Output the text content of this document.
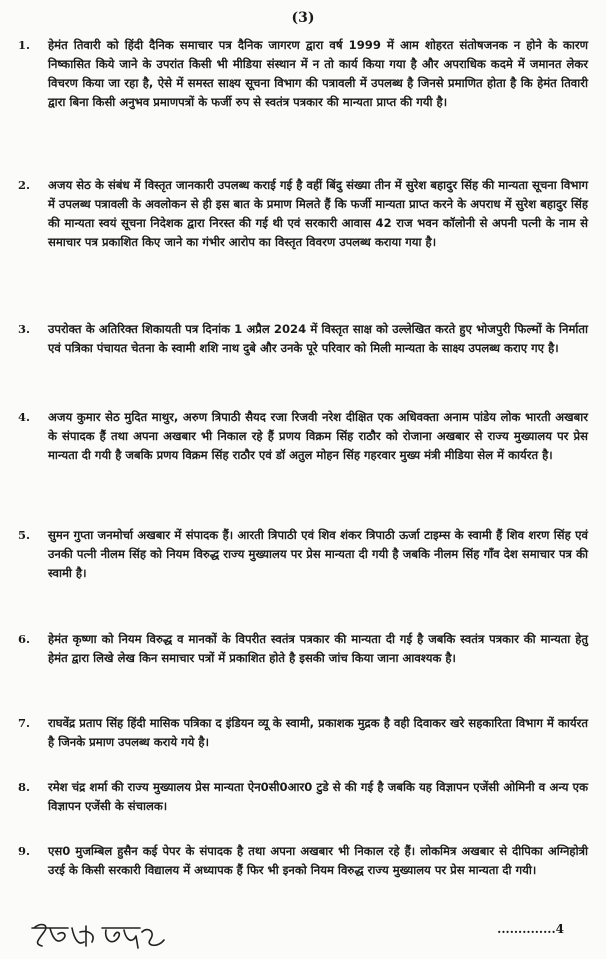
(3)
1.	हेमंत तिवारी को हिंदी दैनिक समाचार पत्र दैनिक जागरण द्वारा वर्ष 1999 में आम शोहरत संतोषजनक न होने के कारण निष्कासित किये जाने के उपरांत किसी भी मीडिया संस्थान में न तो कार्य किया गया है और अपराधिक कदमे में जमानत लेकर विचरण किया जा रहा है, ऐसे में समस्त साक्ष्य सूचना विभाग की पत्रावली में उपलब्ध है जिनसे प्रमाणित होता है कि हेमंत तिवारी द्वारा बिना किसी अनुभव प्रमाणपत्रों के फर्जी रुप से स्वतंत्र पत्रकार की मान्यता प्राप्त की गयी है।
2.	अजय सेठ के संबंध में विस्तृत जानकारी उपलब्ध कराई गई है वहीं बिंदु संख्या तीन में सुरेश बहादुर सिंह की मान्यता सूचना विभाग में उपलब्ध पत्रावली के अवलोकन से ही इस बात के प्रमाण मिलते हैं कि फर्जी मान्यता प्राप्त करने के अपराध में सुरेश बहादुर सिंह की मान्यता स्वयं सूचना निदेशक द्वारा निरस्त की गई थी एवं सरकारी आवास 42 राज भवन कॉलोनी से अपनी पत्नी के नाम से समाचार पत्र प्रकाशित किए जाने का गंभीर आरोप का विस्तृत विवरण उपलब्ध कराया गया है।
3.	उपरोक्त के अतिरिक्त शिकायती पत्र दिनांक 1 अप्रैल 2024 में विस्तृत साक्ष को उल्लेखित करते हुए भोजपुरी फिल्मों के निर्माता एवं पत्रिका पंचायत चेतना के स्वामी शशि नाथ दुबे और उनके पूरे परिवार को मिली मान्यता के साक्ष्य उपलब्ध कराए गए है।
4.	अजय कुमार सेठ मुदित माथुर, अरुण त्रिपाठी सैयद रजा रिजवी नरेश दीक्षित एक अधिवक्ता अनाम पांडेय लोक भारती अखबार के संपादक हैं तथा अपना अखबार भी निकाल रहे हैं प्रणय विक्रम सिंह राठौर को रोजाना अखबार से राज्य मुख्यालय पर प्रेस मान्यता दी गयी है जबकि प्रणय विक्रम सिंह राठौर एवं डॉ अतुल मोहन सिंह गहरवार मुख्य मंत्री मीडिया सेल में कार्यरत है।
5.	सुमन गुप्ता जनमोर्चा अखबार में संपादक हैं। आरती त्रिपाठी एवं शिव शंकर त्रिपाठी ऊर्जा टाइम्स के स्वामी हैं शिव शरण सिंह एवं उनकी पत्नी नीलम सिंह को नियम विरुद्ध राज्य मुख्यालय पर प्रेस मान्यता दी गयी है जबकि नीलम सिंह गाँव देश समाचार पत्र की स्वामी है।
6.	हेमंत कृष्णा को नियम विरुद्ध व मानकों के विपरीत स्वतंत्र पत्रकार की मान्यता दी गई है जबकि स्वतंत्र पत्रकार की मान्यता हेतु हेमंत द्वारा लिखे लेख किन समाचार पत्रों में प्रकाशित होते है इसकी जांच किया जाना आवश्यक है।
7.	राघवेंद्र प्रताप सिंह हिंदी मासिक पत्रिका द इंडियन व्यू के स्वामी, प्रकाशक मुद्रक है वही दिवाकर खरे सहकारिता विभाग में कार्यरत है जिनके प्रमाण उपलब्ध कराये गये है।
8.	रमेश चंद्र शर्मा की राज्य मुख्यालय प्रेस मान्यता ऐन0सी0आर0 टुडे से की गई है जबकि यह विज्ञापन एजेंसी ओमिनी व अन्य एक विज्ञापन एजेंसी के संचालक।
9.	एस0 मुजम्बिल हुसैन कई पेपर के संपादक है तथा अपना अखबार भी निकाल रहे हैं। लोकमित्र अखबार से दीपिका अग्निहोत्री उरई के किसी सरकारी विद्यालय में अध्यापक हैं फिर भी इनको नियम विरुद्ध राज्य मुख्यालय पर प्रेस मान्यता दी गयी।
..............4
